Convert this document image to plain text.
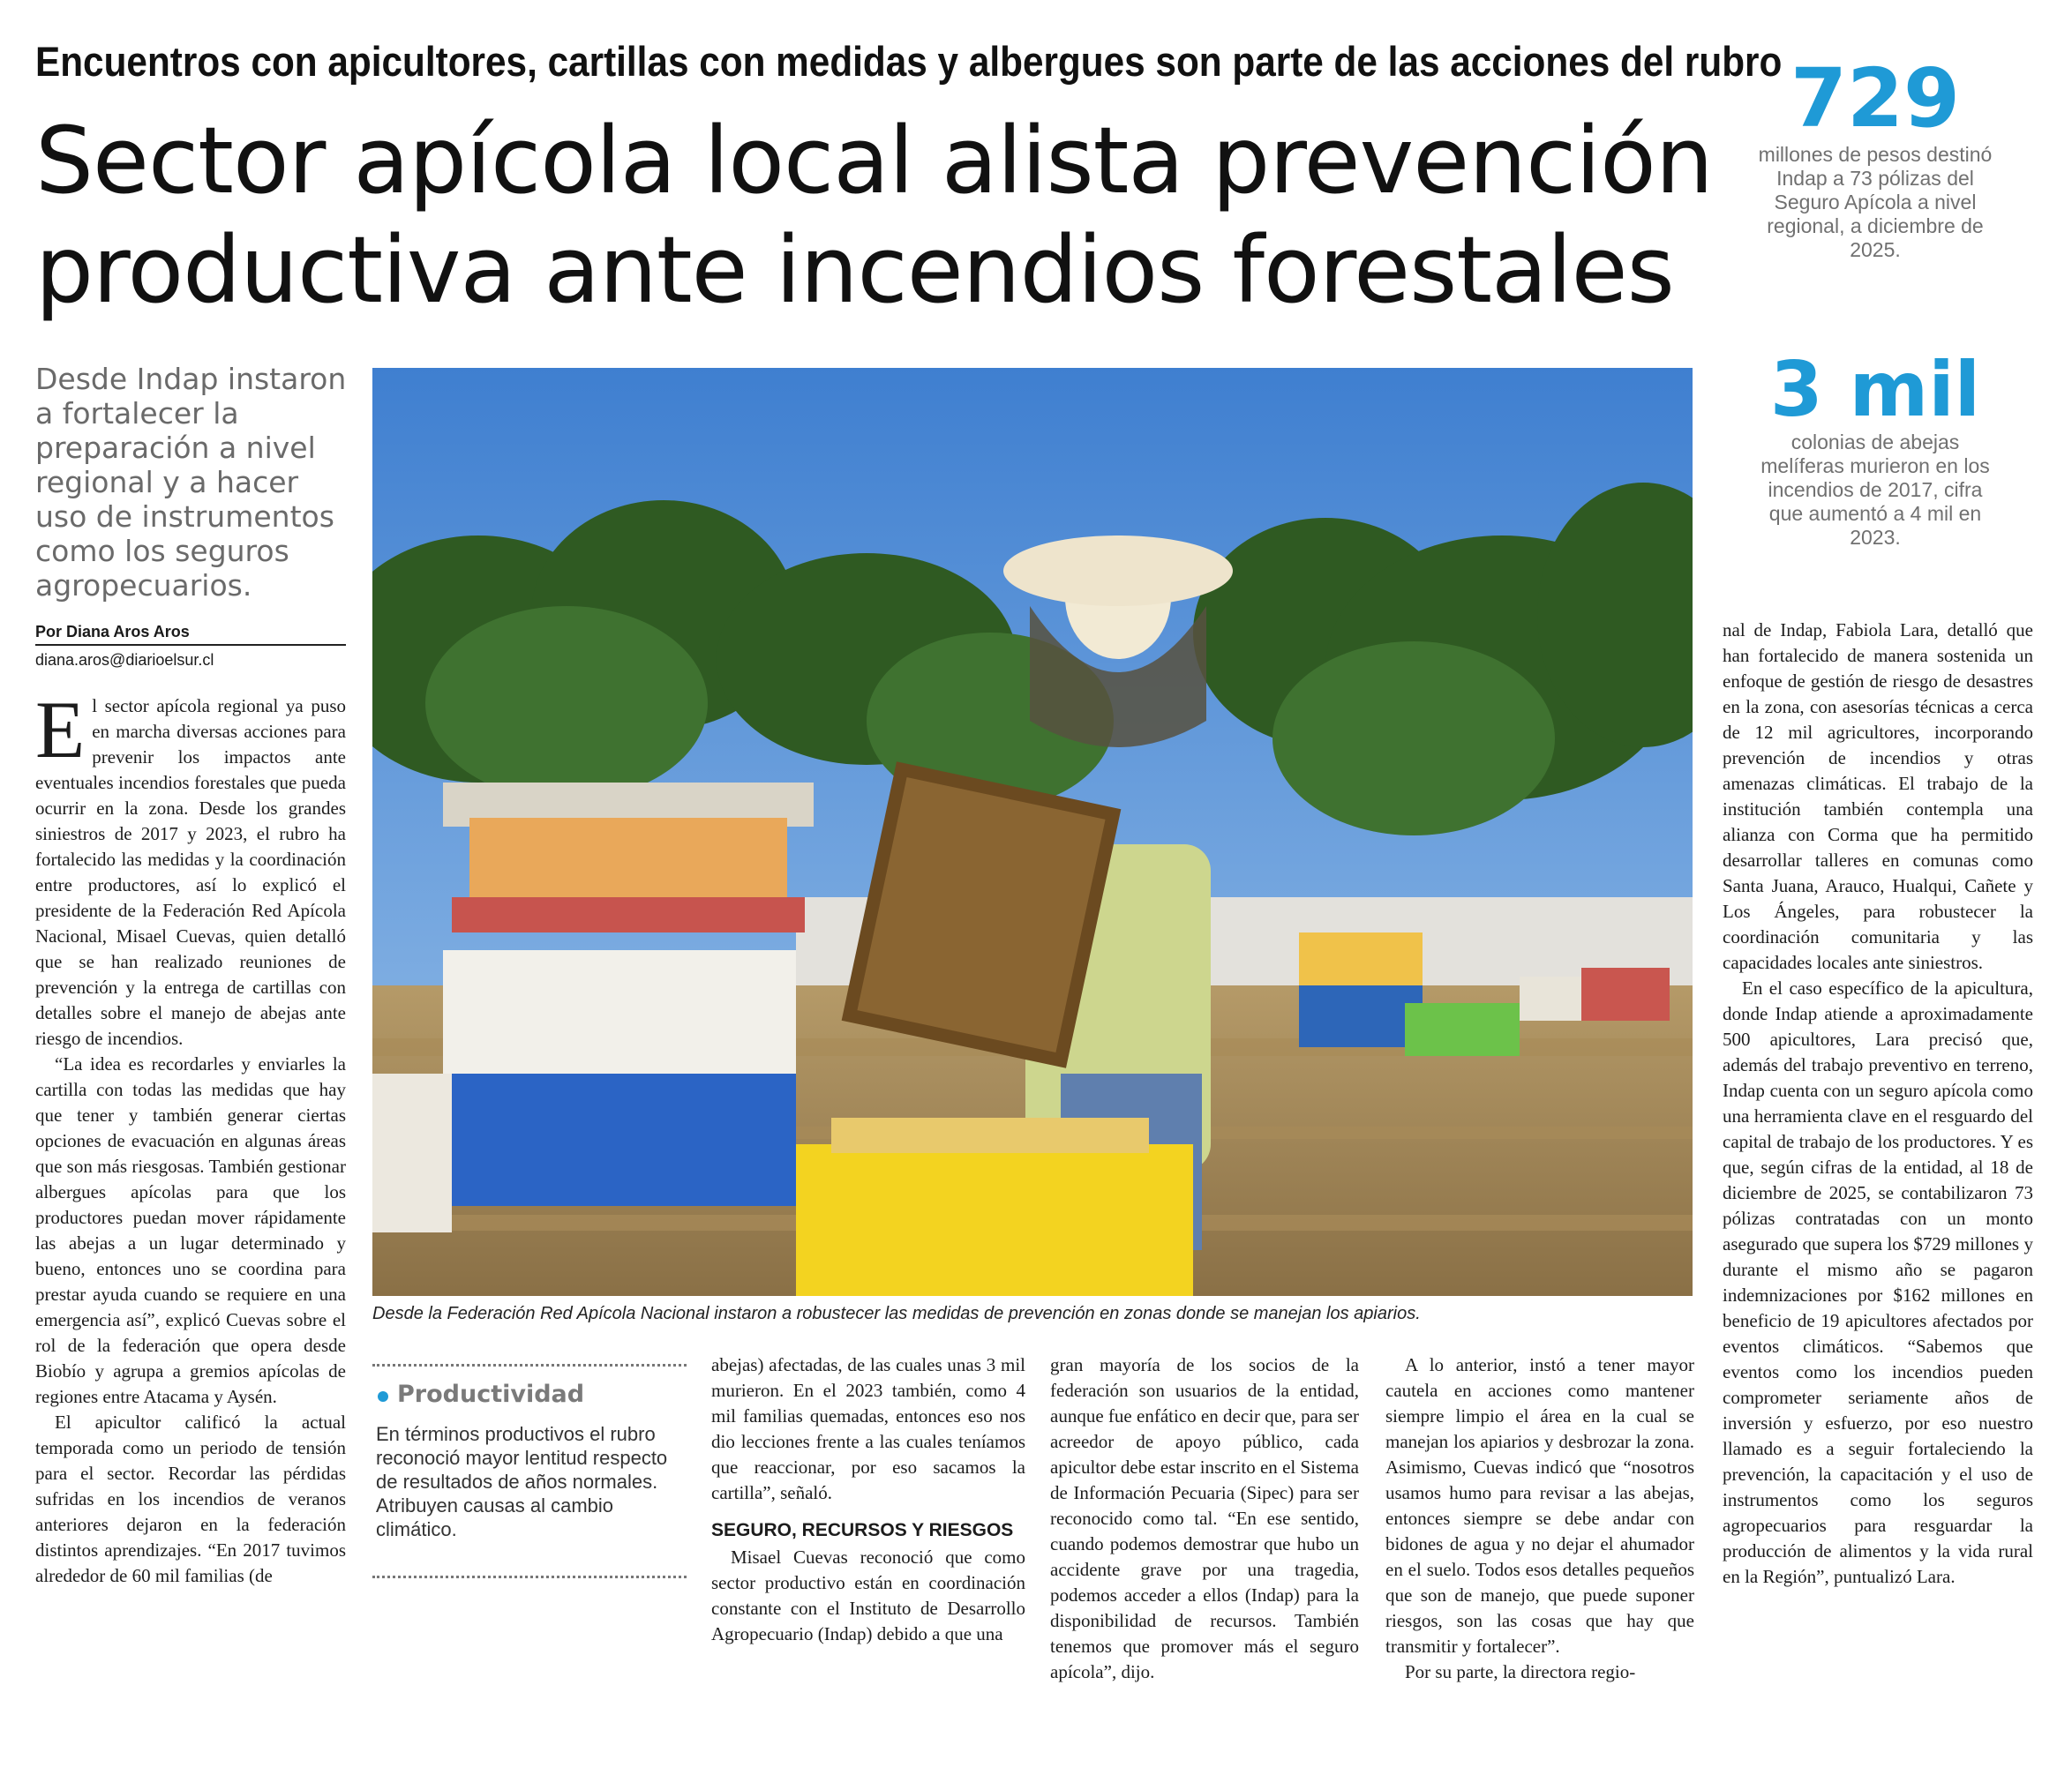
Encuentros con apicultores, cartillas con medidas y albergues son parte de las acciones del rubro
Sector apícola local alista prevención productiva ante incendios forestales
729
millones de pesos destinó Indap a 73 pólizas del Seguro Apícola a nivel regional, a diciembre de 2025.
3 mil
colonias de abejas melíferas murieron en los incendios de 2017, cifra que aumentó a 4 mil en 2023.
Desde Indap instaron a fortalecer la preparación a nivel regional y a hacer uso de instrumentos como los seguros agropecuarios.
Por Diana Aros Aros
diana.aros@diarioelsur.cl
Desde la Federación Red Apícola Nacional instaron a robustecer las medidas de prevención en zonas donde se manejan los apiarios.

El sector apícola regional ya puso en marcha diversas acciones para prevenir los impactos ante eventuales incendios forestales que pueda ocurrir en la zona. Desde los grandes siniestros de 2017 y 2023, el rubro ha fortalecido las medidas y la coordinación entre productores, así lo explicó el presidente de la Federación Red Apícola Nacional, Misael Cuevas, quien detalló que se han realizado reuniones de prevención y la entrega de cartillas con detalles sobre el manejo de abejas ante riesgo de incendios.

“La idea es recordarles y enviarles la cartilla con todas las medidas que hay que tener y también generar ciertas opciones de evacuación en algunas áreas que son más riesgosas. También gestionar albergues apícolas para que los productores puedan mover rápidamente las abejas a un lugar determinado y bueno, entonces uno se coordina para prestar ayuda cuando se requiere en una emergencia así”, explicó Cuevas sobre el rol de la federación que opera desde Biobío y agrupa a gremios apícolas de regiones entre Atacama y Aysén.

El apicultor calificó la actual temporada como un periodo de tensión para el sector. Recordar las pérdidas sufridas en los incendios de veranos anteriores dejaron en la federación distintos aprendizajes. “En 2017 tuvimos alrededor de 60 mil familias (de

Productividad
En términos productivos el rubro reconoció mayor lentitud respecto de resultados de años normales. Atribuyen causas al cambio climático.

abejas) afectadas, de las cuales unas 3 mil murieron. En el 2023 también, como 4 mil familias quemadas, entonces eso nos dio lecciones frente a las cuales teníamos que reaccionar, por eso sacamos la cartilla”, señaló.

SEGURO, RECURSOS Y RIESGOS

Misael Cuevas reconoció que como sector productivo están en coordinación constante con el Instituto de Desarrollo Agropecuario (Indap) debido a que una

gran mayoría de los socios de la federación son usuarios de la entidad, aunque fue enfático en decir que, para ser acreedor de apoyo público, cada apicultor debe estar inscrito en el Sistema de Información Pecuaria (Sipec) para ser reconocido como tal. “En ese sentido, cuando podemos demostrar que hubo un accidente grave por una tragedia, podemos acceder a ellos (Indap) para la disponibilidad de recursos. También tenemos que promover más el seguro apícola”, dijo.

A lo anterior, instó a tener mayor cautela en acciones como mantener siempre limpio el área en la cual se manejan los apiarios y desbrozar la zona. Asimismo, Cuevas indicó que “nosotros usamos humo para revisar a las abejas, entonces siempre se debe andar con bidones de agua y no dejar el ahumador en el suelo. Todos esos detalles pequeños que son de manejo, que puede suponer riesgos, son las cosas que hay que transmitir y fortalecer”.

Por su parte, la directora regio-

nal de Indap, Fabiola Lara, detalló que han fortalecido de manera sostenida un enfoque de gestión de riesgo de desastres en la zona, con asesorías técnicas a cerca de 12 mil agricultores, incorporando prevención de incendios y otras amenazas climáticas. El trabajo de la institución también contempla una alianza con Corma que ha permitido desarrollar talleres en comunas como Santa Juana, Arauco, Hualqui, Cañete y Los Ángeles, para robustecer la coordinación comunitaria y las capacidades locales ante siniestros.

En el caso específico de la apicultura, donde Indap atiende a aproximadamente 500 apicultores, Lara precisó que, además del trabajo preventivo en terreno, Indap cuenta con un seguro apícola como una herramienta clave en el resguardo del capital de trabajo de los productores. Y es que, según cifras de la entidad, al 18 de diciembre de 2025, se contabilizaron 73 pólizas contratadas con un monto asegurado que supera los $729 millones y durante el mismo año se pagaron indemnizaciones por $162 millones en beneficio de 19 apicultores afectados por eventos climáticos. “Sabemos que eventos como los incendios pueden comprometer seriamente años de inversión y esfuerzo, por eso nuestro llamado es a seguir fortaleciendo la prevención, la capacitación y el uso de instrumentos como los seguros agropecuarios para resguardar la producción de alimentos y la vida rural en la Región”, puntualizó Lara.
